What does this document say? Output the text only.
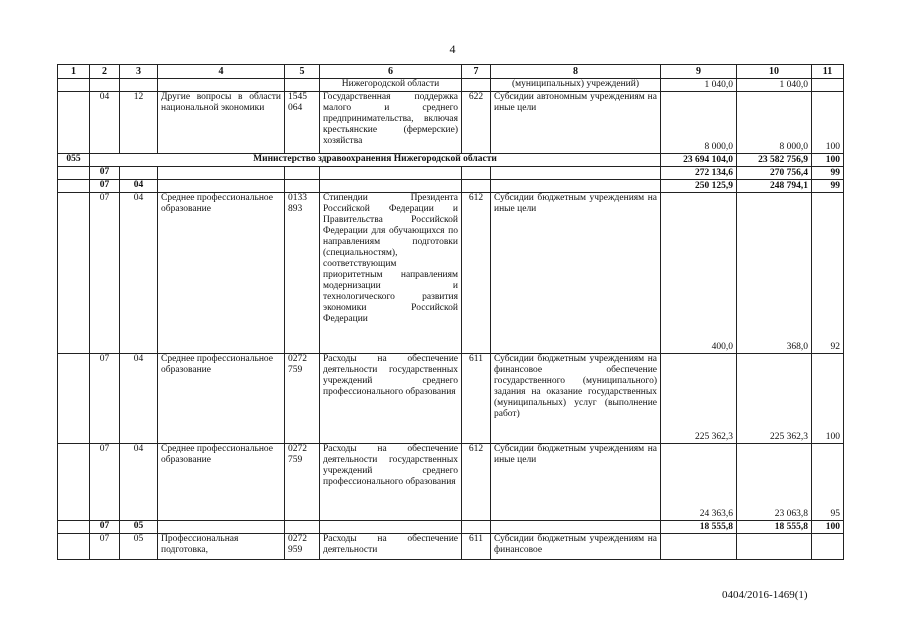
4
1	2	3	4	5	6	7	8	9	10	11
					Нижегородской области		(муниципальных) учреждений)	1 040,0	1 040,0	
	04	12	Другие вопросы в области национальной экономики	1545 064	Государственная поддержка малого и среднего предпринимательства, включая крестьянские (фермерские) хозяйства	622	Субсидии автономным учреждениям на иные цели	8 000,0	8 000,0	100
055	Министерство здравоохранения Нижегородской области							23 694 104,0	23 582 756,9	100
	07							272 134,6	270 756,4	99
	07	04						250 125,9	248 794,1	99
	07	04	Среднее профессиональное образование	0133 893	Стипендии Президента Российской Федерации и Правительства Российской Федерации для обучающихся по направлениям подготовки (специальностям), соответствующим приоритетным направлениям модернизации и технологического развития экономики Российской Федерации	612	Субсидии бюджетным учреждениям на иные цели	400,0	368,0	92
	07	04	Среднее профессиональное образование	0272 759	Расходы на обеспечение деятельности государственных учреждений среднего профессионального образования	611	Субсидии бюджетным учреждениям на финансовое обеспечение государственного (муниципального) задания на оказание государственных (муниципальных) услуг (выполнение работ)	225 362,3	225 362,3	100
	07	04	Среднее профессиональное образование	0272 759	Расходы на обеспечение деятельности государственных учреждений среднего профессионального образования	612	Субсидии бюджетным учреждениям на иные цели	24 363,6	23 063,8	95
	07	05						18 555,8	18 555,8	100
	07	05	Профессиональная подготовка,	0272 959	Расходы на обеспечение деятельности	611	Субсидии бюджетным учреждениям на финансовое			
0404/2016-1469(1)
